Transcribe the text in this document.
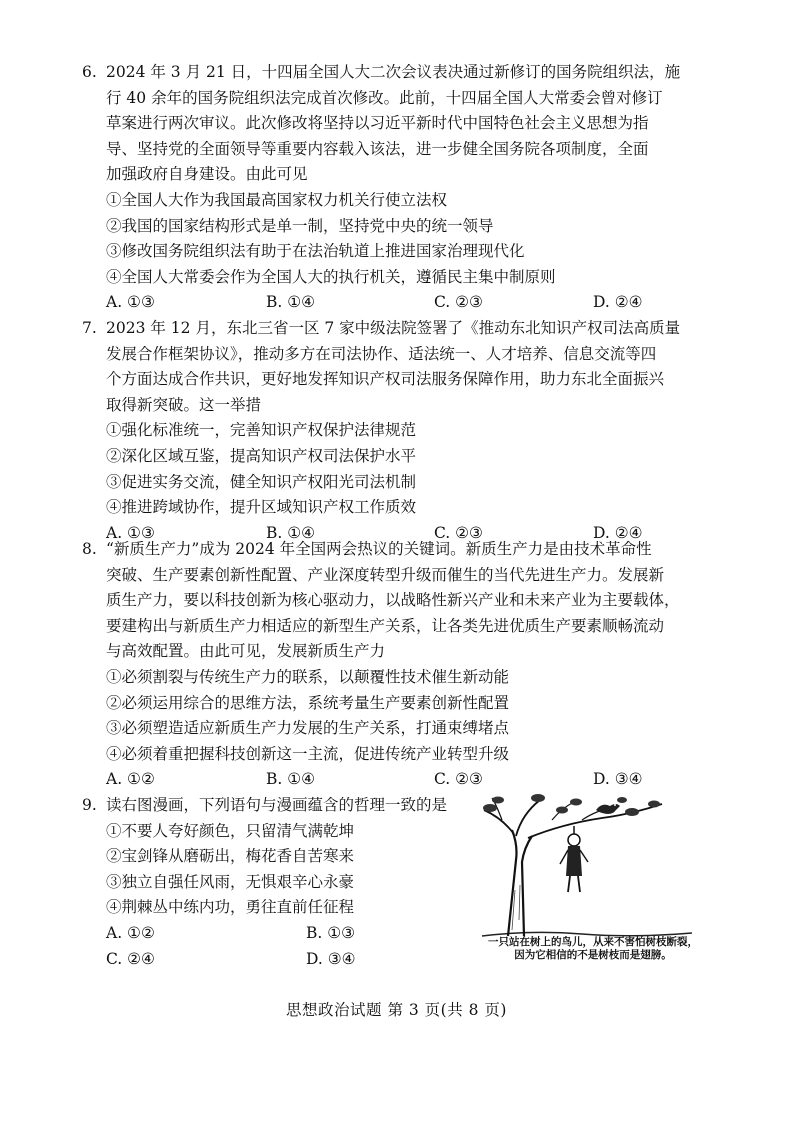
6. 2024 年 3 月 21 日，十四届全国人大二次会议表决通过新修订的国务院组织法，施
行 40 余年的国务院组织法完成首次修改。此前，十四届全国人大常委会曾对修订
草案进行两次审议。此次修改将坚持以习近平新时代中国特色社会主义思想为指
导、坚持党的全面领导等重要内容载入该法，进一步健全国务院各项制度，全面
加强政府自身建设。由此可见
①全国人大作为我国最高国家权力机关行使立法权
②我国的国家结构形式是单一制，坚持党中央的统一领导
③修改国务院组织法有助于在法治轨道上推进国家治理现代化
④全国人大常委会作为全国人大的执行机关，遵循民主集中制原则
A. ①③	B. ①④	C. ②③	D. ②④
7. 2023 年 12 月，东北三省一区 7 家中级法院签署了《推动东北知识产权司法高质量
发展合作框架协议》，推动多方在司法协作、适法统一、人才培养、信息交流等四
个方面达成合作共识，更好地发挥知识产权司法服务保障作用，助力东北全面振兴
取得新突破。这一举措
①强化标准统一，完善知识产权保护法律规范
②深化区域互鉴，提高知识产权司法保护水平
③促进实务交流，健全知识产权阳光司法机制
④推进跨域协作，提升区域知识产权工作质效
A. ①③	B. ①④	C. ②③	D. ②④
8. “新质生产力”成为 2024 年全国两会热议的关键词。新质生产力是由技术革命性
突破、生产要素创新性配置、产业深度转型升级而催生的当代先进生产力。发展新
质生产力，要以科技创新为核心驱动力，以战略性新兴产业和未来产业为主要载体，
要建构出与新质生产力相适应的新型生产关系，让各类先进优质生产要素顺畅流动
与高效配置。由此可见，发展新质生产力
①必须割裂与传统生产力的联系，以颠覆性技术催生新动能
②必须运用综合的思维方法，系统考量生产要素创新性配置
③必须塑造适应新质生产力发展的生产关系，打通束缚堵点
④必须着重把握科技创新这一主流，促进传统产业转型升级
A. ①②	B. ①④	C. ②③	D. ③④
9. 读右图漫画，下列语句与漫画蕴含的哲理一致的是
①不要人夸好颜色，只留清气满乾坤
②宝剑锋从磨砺出，梅花香自苦寒来
③独立自强任风雨，无惧艰辛心永豪
④荆棘丛中练内功，勇往直前任征程
A. ①②	B. ①③
C. ②④	D. ③④
一只站在树上的鸟儿，从来不害怕树枝断裂，
因为它相信的不是树枝而是翅膀。
思想政治试题 第 3 页(共 8 页)
